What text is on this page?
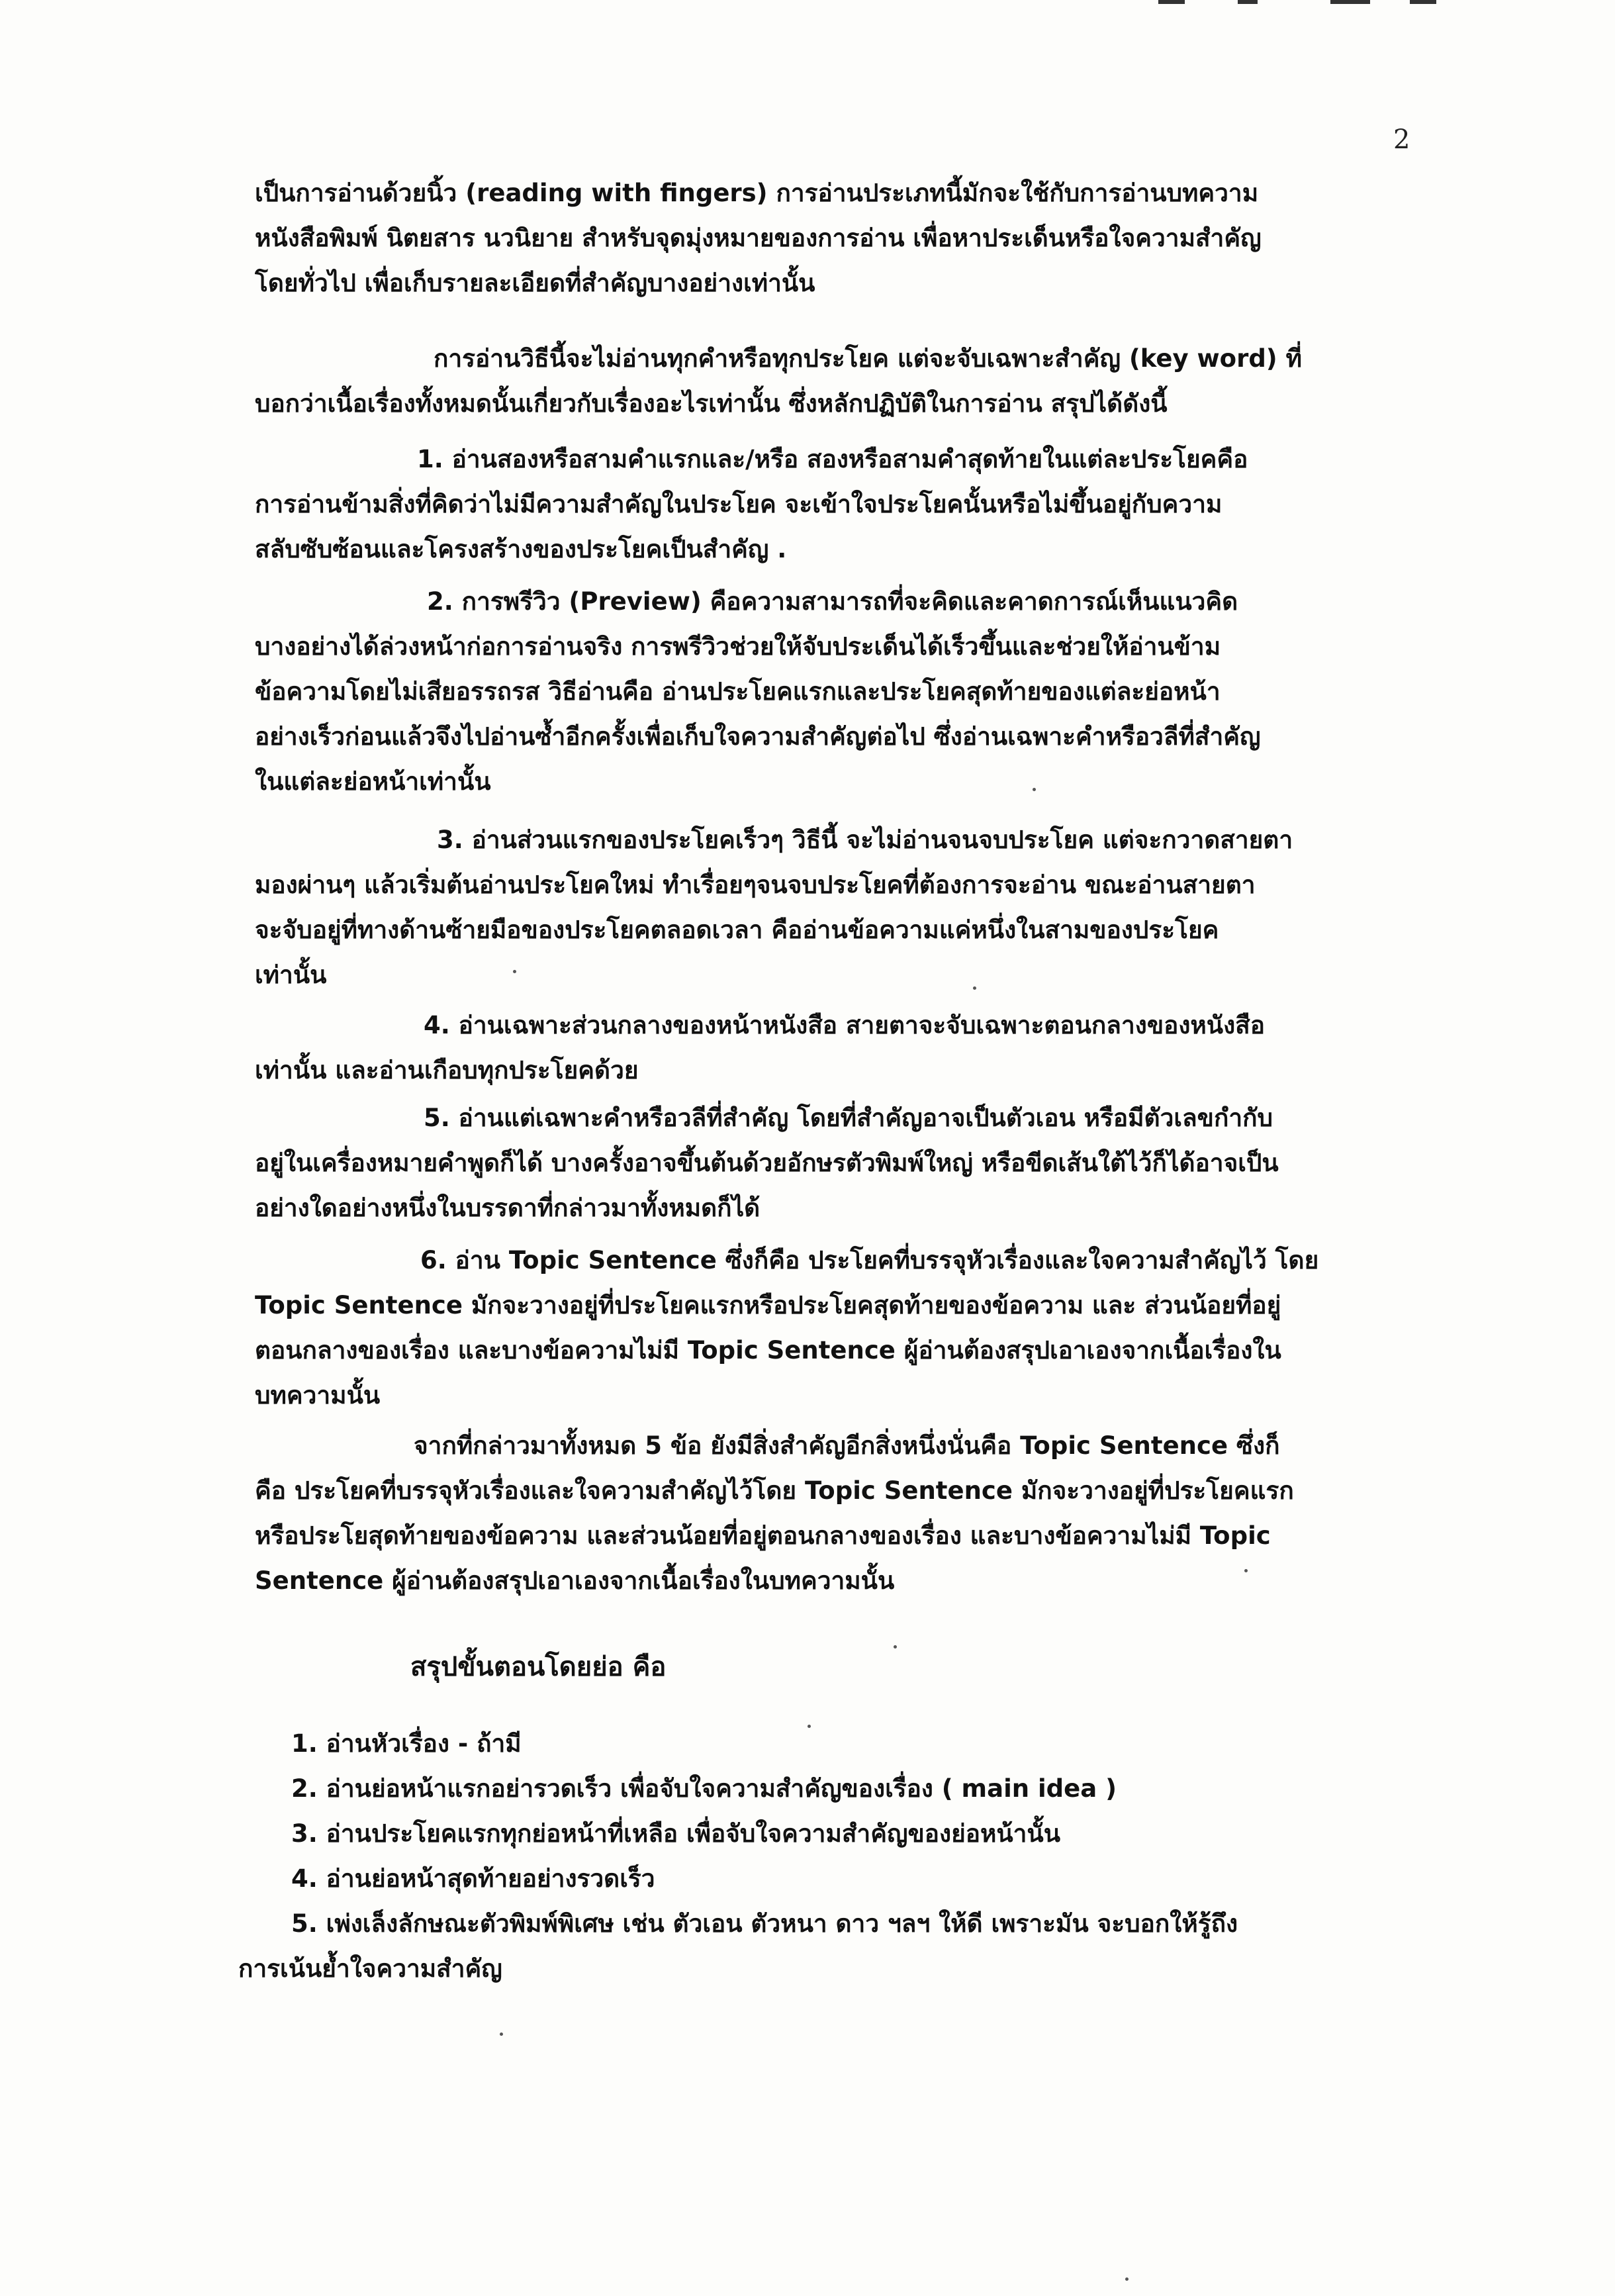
2
เป็นการอ่านด้วยนิ้ว (reading with fingers) การอ่านประเภทนี้มักจะใช้กับการอ่านบทความ
หนังสือพิมพ์ นิตยสาร นวนิยาย สำหรับจุดมุ่งหมายของการอ่าน เพื่อหาประเด็นหรือใจความสำคัญ
โดยทั่วไป เพื่อเก็บรายละเอียดที่สำคัญบางอย่างเท่านั้น
การอ่านวิธีนี้จะไม่อ่านทุกคำหรือทุกประโยค แต่จะจับเฉพาะสำคัญ (key word) ที่
บอกว่าเนื้อเรื่องทั้งหมดนั้นเกี่ยวกับเรื่องอะไรเท่านั้น ซึ่งหลักปฏิบัติในการอ่าน สรุปได้ดังนี้
1. อ่านสองหรือสามคำแรกและ/หรือ สองหรือสามคำสุดท้ายในแต่ละประโยคคือ
การอ่านข้ามสิ่งที่คิดว่าไม่มีความสำคัญในประโยค จะเข้าใจประโยคนั้นหรือไม่ขึ้นอยู่กับความ
สลับซับซ้อนและโครงสร้างของประโยคเป็นสำคัญ .
2. การพรีวิว (Preview) คือความสามารถที่จะคิดและคาดการณ์เห็นแนวคิด
บางอย่างได้ล่วงหน้าก่อการอ่านจริง การพรีวิวช่วยให้จับประเด็นได้เร็วขึ้นและช่วยให้อ่านข้าม
ข้อความโดยไม่เสียอรรถรส วิธีอ่านคือ อ่านประโยคแรกและประโยคสุดท้ายของแต่ละย่อหน้า
อย่างเร็วก่อนแล้วจึงไปอ่านซ้ำอีกครั้งเพื่อเก็บใจความสำคัญต่อไป ซึ่งอ่านเฉพาะคำหรือวลีที่สำคัญ
ในแต่ละย่อหน้าเท่านั้น
3. อ่านส่วนแรกของประโยคเร็วๆ วิธีนี้ จะไม่อ่านจนจบประโยค แต่จะกวาดสายตา
มองผ่านๆ แล้วเริ่มต้นอ่านประโยคใหม่ ทำเรื่อยๆจนจบประโยคที่ต้องการจะอ่าน ขณะอ่านสายตา
จะจับอยู่ที่ทางด้านซ้ายมือของประโยคตลอดเวลา คืออ่านข้อความแค่หนึ่งในสามของประโยค
เท่านั้น
4. อ่านเฉพาะส่วนกลางของหน้าหนังสือ สายตาจะจับเฉพาะตอนกลางของหนังสือ
เท่านั้น และอ่านเกือบทุกประโยคด้วย
5. อ่านแต่เฉพาะคำหรือวลีที่สำคัญ โดยที่สำคัญอาจเป็นตัวเอน หรือมีตัวเลขกำกับ
อยู่ในเครื่องหมายคำพูดก็ได้ บางครั้งอาจขึ้นต้นด้วยอักษรตัวพิมพ์ใหญ่ หรือขีดเส้นใต้ไว้ก็ได้อาจเป็น
อย่างใดอย่างหนึ่งในบรรดาที่กล่าวมาทั้งหมดก็ได้
6. อ่าน Topic Sentence ซึ่งก็คือ ประโยคที่บรรจุหัวเรื่องและใจความสำคัญไว้ โดย
Topic Sentence มักจะวางอยู่ที่ประโยคแรกหรือประโยคสุดท้ายของข้อความ และ ส่วนน้อยที่อยู่
ตอนกลางของเรื่อง และบางข้อความไม่มี Topic Sentence ผู้อ่านต้องสรุปเอาเองจากเนื้อเรื่องใน
บทความนั้น
จากที่กล่าวมาทั้งหมด 5 ข้อ ยังมีสิ่งสำคัญอีกสิ่งหนึ่งนั่นคือ Topic Sentence ซึ่งก็
คือ ประโยคที่บรรจุหัวเรื่องและใจความสำคัญไว้โดย Topic Sentence มักจะวางอยู่ที่ประโยคแรก
หรือประโยสุดท้ายของข้อความ และส่วนน้อยที่อยู่ตอนกลางของเรื่อง และบางข้อความไม่มี Topic
Sentence ผู้อ่านต้องสรุปเอาเองจากเนื้อเรื่องในบทความนั้น
สรุปขั้นตอนโดยย่อ คือ
1. อ่านหัวเรื่อง - ถ้ามี
2. อ่านย่อหน้าแรกอย่ารวดเร็ว เพื่อจับใจความสำคัญของเรื่อง ( main idea )
3. อ่านประโยคแรกทุกย่อหน้าที่เหลือ เพื่อจับใจความสำคัญของย่อหน้านั้น
4. อ่านย่อหน้าสุดท้ายอย่างรวดเร็ว
5. เพ่งเล็งลักษณะตัวพิมพ์พิเศษ เช่น ตัวเอน ตัวหนา ดาว ฯลฯ ให้ดี เพราะมัน จะบอกให้รู้ถึง
การเน้นย้ำใจความสำคัญ
